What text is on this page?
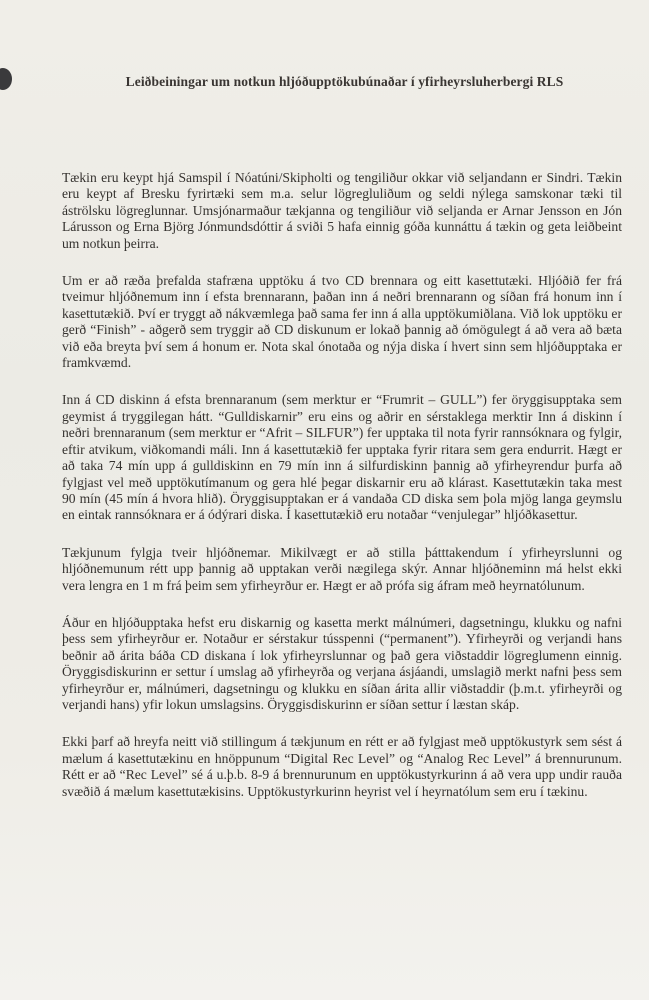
Leiðbeiningar um notkun hljóðupptökubúnaðar í yfirheyrsluherbergi RLS

Tækin eru keypt hjá Samspil í Nóatúni/Skipholti og tengiliður okkar við seljandann er Sindri. Tækin eru keypt af Bresku fyrirtæki sem m.a. selur lögregluliðum og seldi nýlega samskonar tæki til áströlsku lögreglunnar. Umsjónarmaður tækjanna og tengiliður við seljanda er Arnar Jensson en Jón Lárusson og Erna Björg Jónmundsdóttir á sviði 5 hafa einnig góða kunnáttu á tækin og geta leiðbeint um notkun þeirra.

Um er að ræða þrefalda stafræna upptöku á tvo CD brennara og eitt kasettutæki. Hljóðið fer frá tveimur hljóðnemum inn í efsta brennarann, þaðan inn á neðri brennarann og síðan frá honum inn í kasettutækið. Því er tryggt að nákvæmlega það sama fer inn á alla upptökumiðlana. Við lok upptöku er gerð “Finish” - aðgerð sem tryggir að CD diskunum er lokað þannig að ómögulegt á að vera að bæta við eða breyta því sem á honum er. Nota skal ónotaða og nýja diska í hvert sinn sem hljóðupptaka er framkvæmd.

Inn á CD diskinn á efsta brennaranum (sem merktur er “Frumrit – GULL”) fer öryggisupptaka sem geymist á tryggilegan hátt. “Gulldiskarnir” eru eins og aðrir en sérstaklega merktir Inn á diskinn í neðri brennaranum (sem merktur er “Afrit – SILFUR”) fer upptaka til nota fyrir rannsóknara og fylgir, eftir atvikum, viðkomandi máli. Inn á kasettutækið fer upptaka fyrir ritara sem gera endurrit. Hægt er að taka 74 mín upp á gulldiskinn en 79 mín inn á silfurdiskinn þannig að yfirheyrendur þurfa að fylgjast vel með upptökutímanum og gera hlé þegar diskarnir eru að klárast. Kasettutækin taka mest 90 mín (45 mín á hvora hlið). Öryggisupptakan er á vandaða CD diska sem þola mjög langa geymslu en eintak rannsóknara er á ódýrari diska. Í kasettutækið eru notaðar “venjulegar” hljóðkasettur.

Tækjunum fylgja tveir hljóðnemar. Mikilvægt er að stilla þátttakendum í yfirheyrslunni og hljóðnemunum rétt upp þannig að upptakan verði nægilega skýr. Annar hljóðneminn má helst ekki vera lengra en 1 m frá þeim sem yfirheyrður er. Hægt er að prófa sig áfram með heyrnatólunum.

Áður en hljóðupptaka hefst eru diskarnig og kasetta merkt málnúmeri, dagsetningu, klukku og nafni þess sem yfirheyrður er. Notaður er sérstakur tússpenni (“permanent”). Yfirheyrði og verjandi hans beðnir að árita báða CD diskana í lok yfirheyrslunnar og það gera viðstaddir lögreglumenn einnig. Öryggisdiskurinn er settur í umslag að yfirheyrða og verjana ásjáandi, umslagið merkt nafni þess sem yfirheyrður er, málnúmeri, dagsetningu og klukku en síðan árita allir viðstaddir (þ.m.t. yfirheyrði og verjandi hans) yfir lokun umslagsins. Öryggisdiskurinn er síðan settur í læstan skáp.

Ekki þarf að hreyfa neitt við stillingum á tækjunum en rétt er að fylgjast með upptökustyrk sem sést á mælum á kasettutækinu en hnöppunum “Digital Rec Level” og “Analog Rec Level” á brennurunum. Rétt er að “Rec Level” sé á u.þ.b. 8-9 á brennurunum en upptökustyrkurinn á að vera upp undir rauða svæðið á mælum kasettutækisins. Upptökustyrkurinn heyrist vel í heyrnatólum sem eru í tækinu.
